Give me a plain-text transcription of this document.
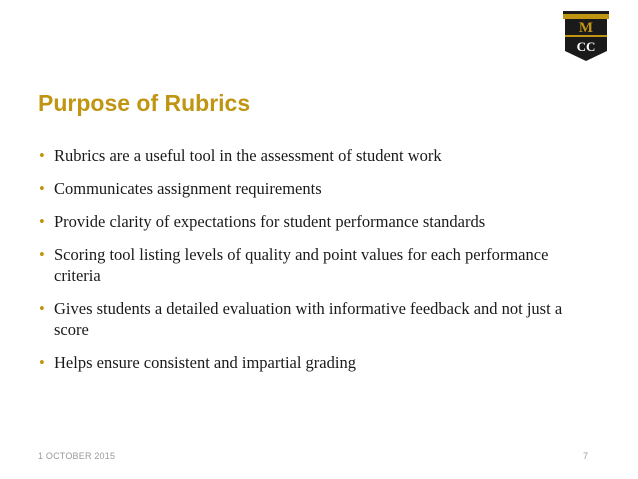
M
CC
Purpose of Rubrics
• Rubrics are a useful tool in the assessment of student work
• Communicates assignment requirements
• Provide clarity of expectations for student performance standards
• Scoring tool listing levels of quality and point values for each performance criteria
• Gives students a detailed evaluation with informative feedback and not just a score
• Helps ensure consistent and impartial grading
1 OCTOBER 2015	7
